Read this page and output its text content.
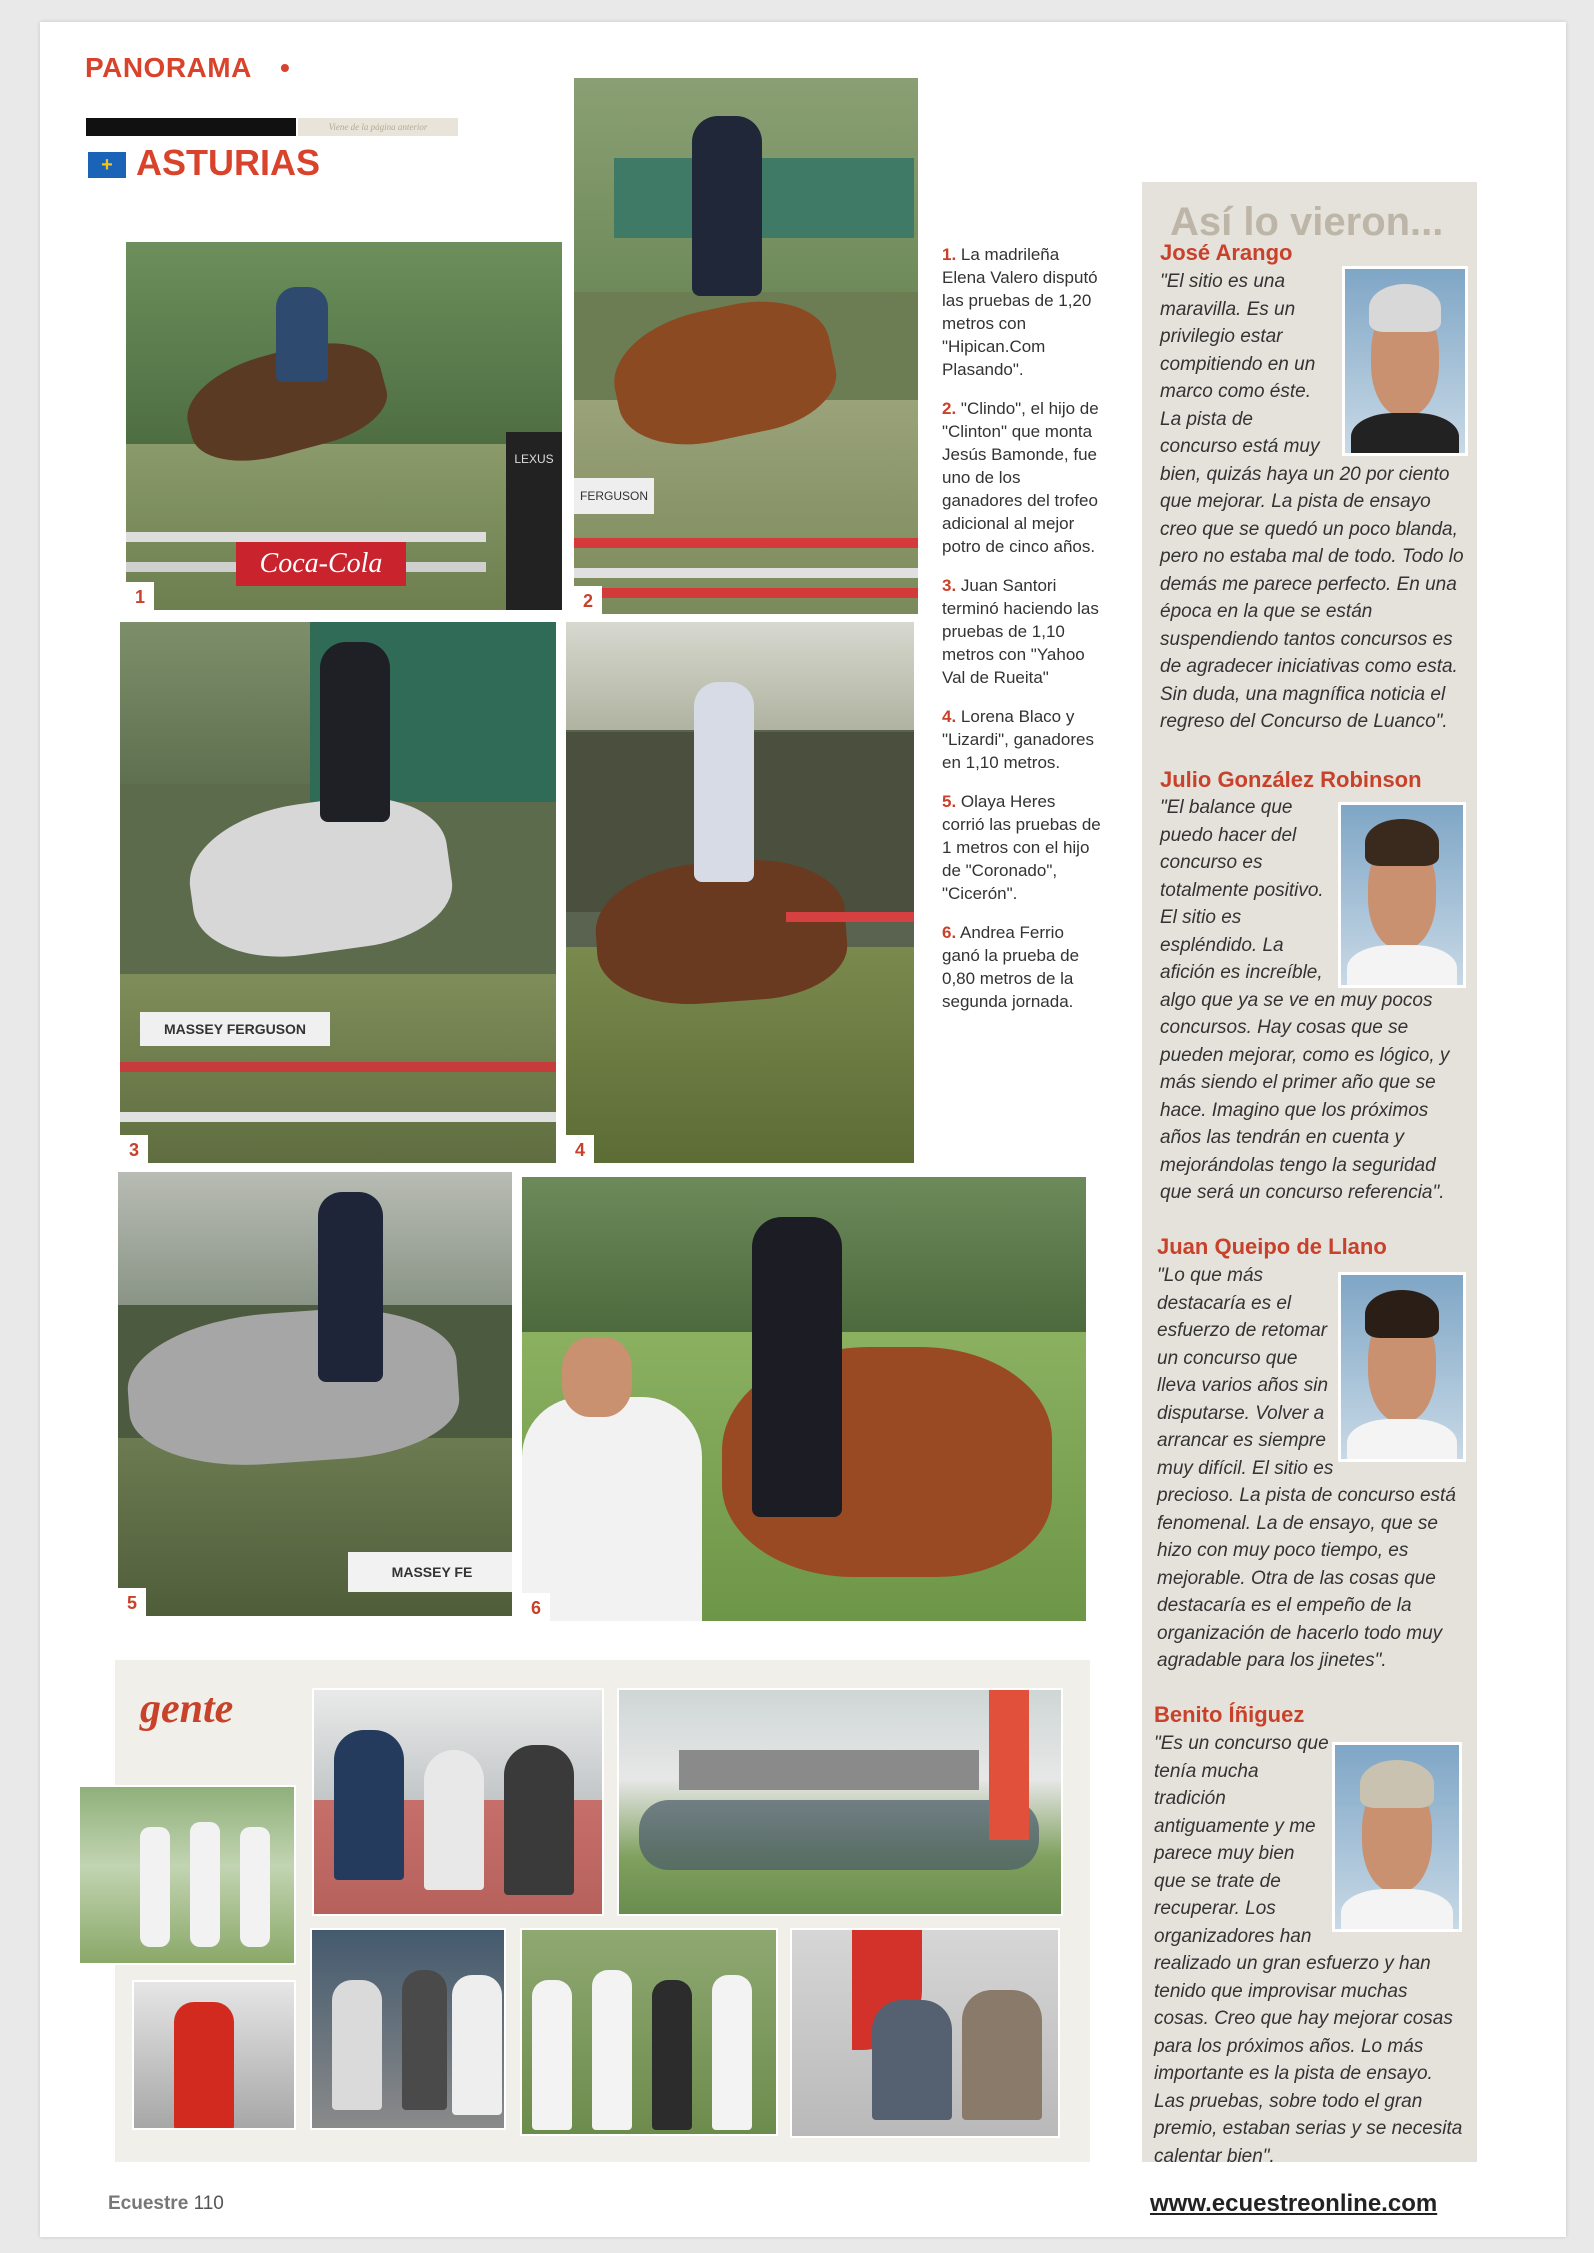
PANORAMA •
Viene de la página anterior
+ ASTURIAS
Coca-Cola
LEXUS
1
FERGUSON
2
MASSEY FERGUSON
3	4
MASSEY FE
5	6
1. La madrileña Elena Valero disputó las pruebas de 1,20 metros con "Hipican.Com Plasando".
2. "Clindo", el hijo de "Clinton" que monta Jesús Bamonde, fue uno de los ganadores del trofeo adicional al mejor potro de cinco años.
3. Juan Santori terminó haciendo las pruebas de 1,10 metros con "Yahoo Val de Rueita"
4. Lorena Blaco y "Lizardi", ganadores en 1,10 metros.
5. Olaya Heres corrió las pruebas de 1 metros con el hijo de "Coronado", "Cicerón".
6. Andrea Ferrio ganó la prueba de 0,80 metros de la segunda jornada.
Así lo vieron...
José Arango
"El sitio es una maravilla. Es un privilegio estar compitiendo en un marco como éste. La pista de concurso está muy bien, quizás haya un 20 por ciento que mejorar. La pista de ensayo creo que se quedó un poco blanda, pero no estaba mal de todo. Todo lo demás me parece perfecto. En una época en la que se están suspendiendo tantos concursos es de agradecer iniciativas como esta. Sin duda, una magnífica noticia el regreso del Concurso de Luanco".
Julio González Robinson
"El balance que puedo hacer del concurso es totalmente positivo. El sitio es espléndido. La afición es increíble, algo que ya se ve en muy pocos concursos. Hay cosas que se pueden mejorar, como es lógico, y más siendo el primer año que se hace. Imagino que los próximos años las tendrán en cuenta y mejorándolas tengo la seguridad que será un concurso referencia".
Juan Queipo de Llano
"Lo que más destacaría es el esfuerzo de retomar un concurso que lleva varios años sin disputarse. Volver a arrancar es siempre muy difícil. El sitio es precioso. La pista de concurso está fenomenal. La de ensayo, que se hizo con muy poco tiempo, es mejorable. Otra de las cosas que destacaría es el empeño de la organización de hacerlo todo muy agradable para los jinetes".
Benito Íñiguez
"Es un concurso que tenía mucha tradición antiguamente y me parece muy bien que se trate de recuperar. Los organizadores han realizado un gran esfuerzo y han tenido que improvisar muchas cosas. Creo que hay mejorar cosas para los próximos años. Lo más importante es la pista de ensayo. Las pruebas, sobre todo el gran premio, estaban serias y se necesita calentar bien".
gente
Ecuestre 110	www.ecuestreonline.com
